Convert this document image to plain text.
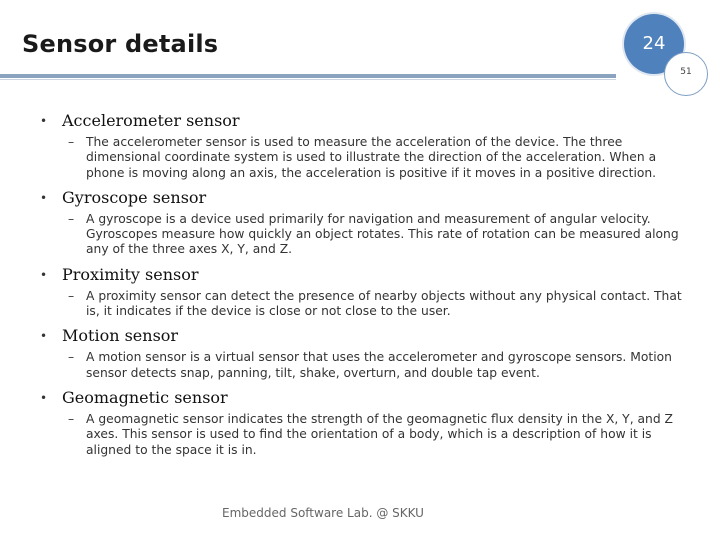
Sensor details	24
51
• Accelerometer sensor
– The accelerometer sensor is used to measure the acceleration of the device. The three dimensional coordinate system is used to illustrate the direction of the acceleration. When a phone is moving along an axis, the acceleration is positive if it moves in a positive direction.
• Gyroscope sensor
– A gyroscope is a device used primarily for navigation and measurement of angular velocity. Gyroscopes measure how quickly an object rotates. This rate of rotation can be measured along any of the three axes X, Y, and Z.
• Proximity sensor
– A proximity sensor can detect the presence of nearby objects without any physical contact. That is, it indicates if the device is close or not close to the user.
• Motion sensor
– A motion sensor is a virtual sensor that uses the accelerometer and gyroscope sensors. Motion sensor detects snap, panning, tilt, shake, overturn, and double tap event.
• Geomagnetic sensor
– A geomagnetic sensor indicates the strength of the geomagnetic flux density in the X, Y, and Z axes. This sensor is used to find the orientation of a body, which is a description of how it is aligned to the space it is in.
Embedded Software Lab. @ SKKU
